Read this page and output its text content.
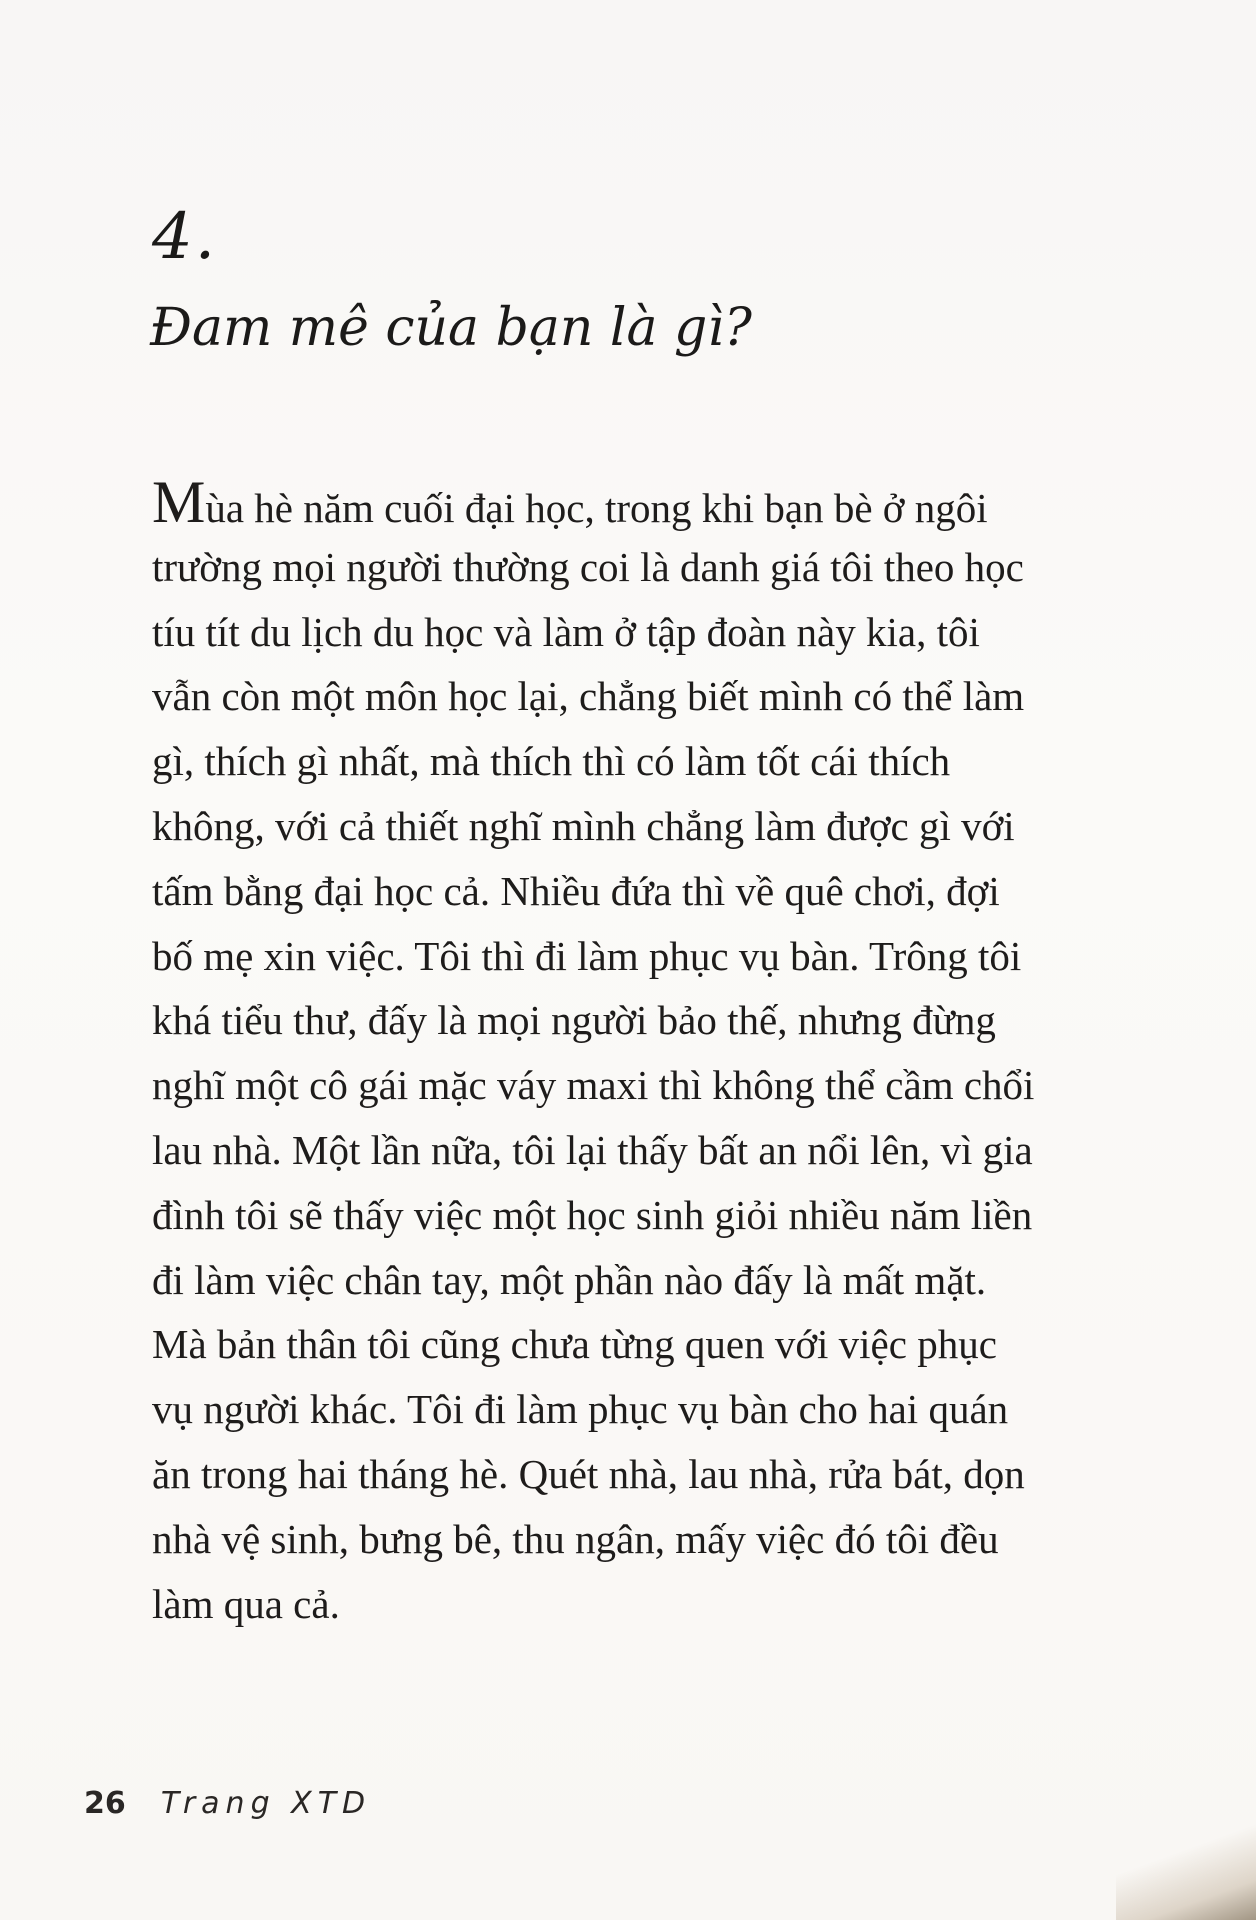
4.
Đam mê của bạn là gì?
Mùa hè năm cuối đại học, trong khi bạn bè ở ngôi
trường mọi người thường coi là danh giá tôi theo học
tíu tít du lịch du học và làm ở tập đoàn này kia, tôi
vẫn còn một môn học lại, chẳng biết mình có thể làm
gì, thích gì nhất, mà thích thì có làm tốt cái thích
không, với cả thiết nghĩ mình chẳng làm được gì với
tấm bằng đại học cả. Nhiều đứa thì về quê chơi, đợi
bố mẹ xin việc. Tôi thì đi làm phục vụ bàn. Trông tôi
khá tiểu thư, đấy là mọi người bảo thế, nhưng đừng
nghĩ một cô gái mặc váy maxi thì không thể cầm chổi
lau nhà. Một lần nữa, tôi lại thấy bất an nổi lên, vì gia
đình tôi sẽ thấy việc một học sinh giỏi nhiều năm liền
đi làm việc chân tay, một phần nào đấy là mất mặt.
Mà bản thân tôi cũng chưa từng quen với việc phục
vụ người khác. Tôi đi làm phục vụ bàn cho hai quán
ăn trong hai tháng hè. Quét nhà, lau nhà, rửa bát, dọn
nhà vệ sinh, bưng bê, thu ngân, mấy việc đó tôi đều
làm qua cả.
26 Trang XTD
